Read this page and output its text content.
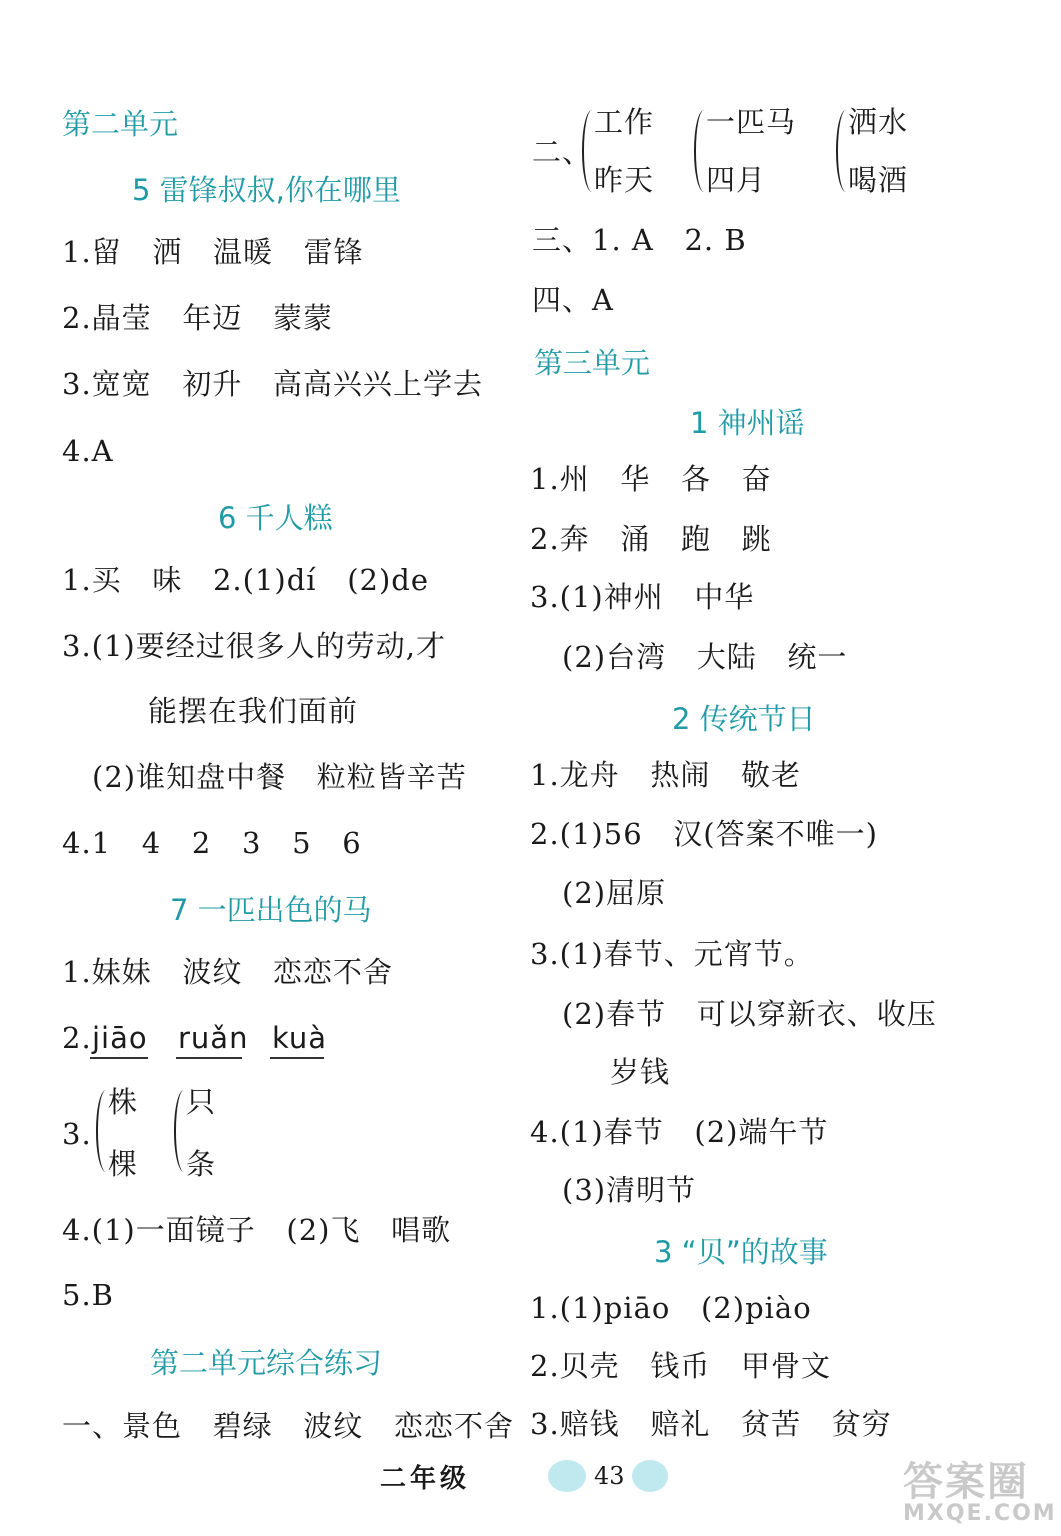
第二单元
5 雷锋叔叔,你在哪里
1.留   洒   温暖   雷锋
2.晶莹   年迈   蒙蒙
3.宽宽   初升   高高兴兴上学去
4.A
6 千人糕
1.买   味   2.(1)dí   (2)de
3.(1)要经过很多人的劳动,才
能摆在我们面前
(2)谁知盘中餐   粒粒皆辛苦
4.1   4   2   3   5   6
7 一匹出色的马
1.妹妹   波纹   恋恋不舍
2. jiāo ruǎn kuà
3.
株
棵
只
条
4.(1)一面镜子   (2)飞   唱歌
5.B
第二单元综合练习
一、景色   碧绿   波纹   恋恋不舍
二、
工作
昨天
一匹马
四月
洒水
喝酒
三、1. A   2. B
四、A
第三单元
1 神州谣
1.州   华   各   奋
2.奔   涌   跑   跳
3.(1)神州   中华
(2)台湾   大陆   统一
2 传统节日
1.龙舟   热闹   敬老
2.(1)56   汉(答案不唯一)
(2)屈原
3.(1)春节、元宵节。
(2)春节   可以穿新衣、收压
岁钱
4.(1)春节   (2)端午节
(3)清明节
3 “贝”的故事
1.(1)piāo   (2)piào
2.贝壳   钱币   甲骨文
3.赔钱   赔礼   贫苦   贫穷
二年级	43	答案圈
MXQE.COM
